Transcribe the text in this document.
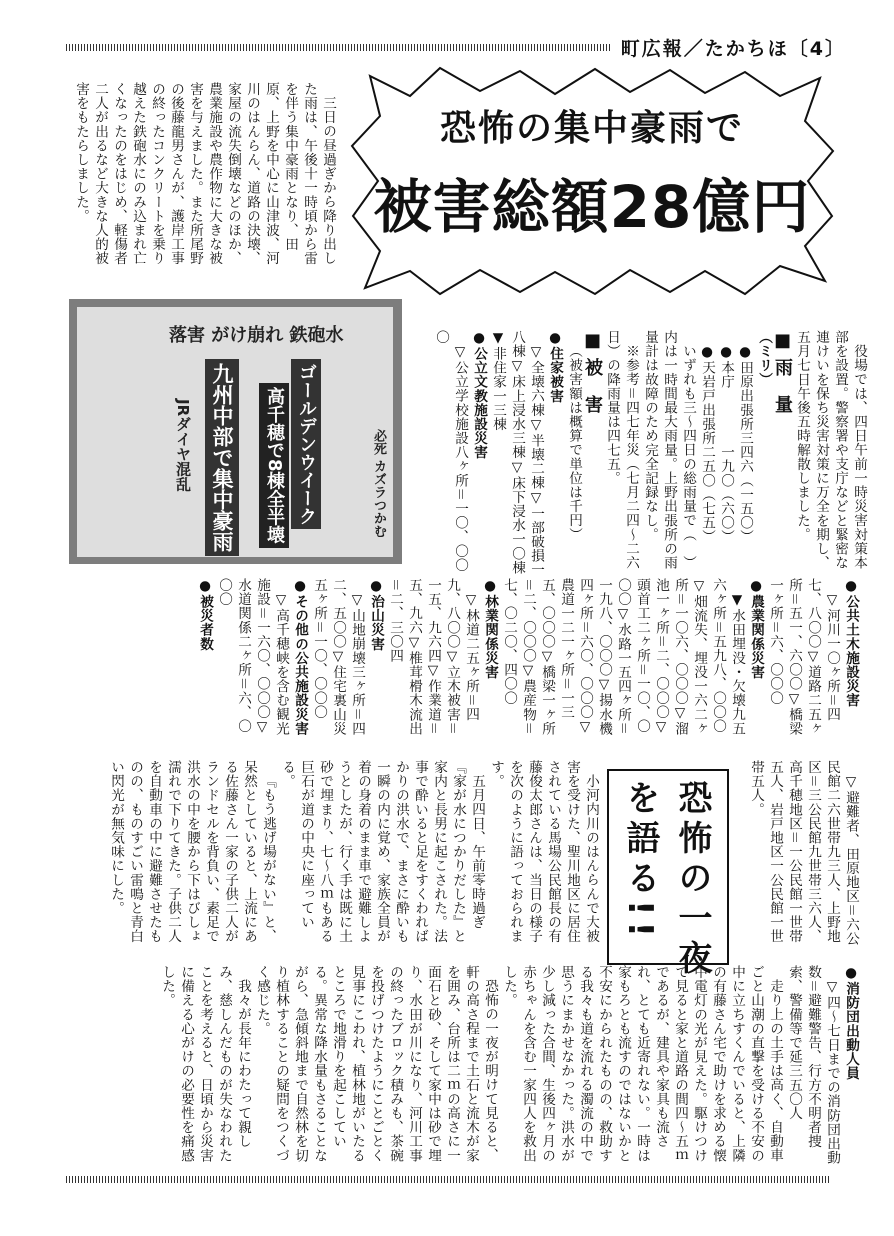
町広報／たかちほ〔4〕

三日の昼過ぎから降り出した雨は、午後十一時頃から雷を伴う集中豪雨となり、田原、上野を中心に山津波、河川のはんらん、道路の決壊、家屋の流失倒壊などのほか、農業施設や農作物に大きな被害を与えました。また所尾野の後藤龍男さんが、護岸工事の終ったコンクリートを乗り越えた鉄砲水にのみ込まれ亡くなったのをはじめ、軽傷者二人が出るなど大きな人的被害をもたらしました。	恐怖の集中豪雨で
被害総額28億円
落害 がけ崩れ 鉄砲水
九州中部で集中豪雨 高千穂で8棟全半壊
JRダイヤ混乱	ゴールデンウイーク	必死 カズラつかむ	役場では、四日午前一時災害対策本部を設置。警察署や支庁などと緊密な連けいを保ち災害対策に万全を期し、五月七日午後五時解散しました。

■ 雨　量

（ミリ）

●田原出張所三四六（一五〇）

●本庁　　　　一九〇（六〇）

●天岩戸出張所二五〇（七五）

いずれも三～四日の総雨量で（　）内は一時間最大雨量。上野出張所の雨量計は故障のため完全記録なし。

※参考＝四七年災（七月二四～二六日）の降雨量は四七五。

■ 被　害

（被害額は概算で単位は千円）

●住家被害

▽全壊六棟▽半壊二棟▽一部破損一八棟▽床上浸水三棟▽床下浸水一〇棟▼非住家一三棟

●公立文教施設災害

▽公立学校施設八ヶ所＝一〇、〇〇〇

●公共土木施設災害

▽河川一〇ヶ所＝四七、八〇〇▽道路二五ヶ所＝五一、六〇〇▽橋梁一ヶ所＝六、〇〇〇

●農業関係災害

▼水田埋没・欠壊九五六ヶ所＝五九八、〇〇〇▽畑流失、埋没一六二ヶ所＝一〇六、〇〇〇▽溜池一ヶ所＝二、〇〇〇▽頭首工二ヶ所＝一〇、〇〇〇▽水路一五四ヶ所＝一九八、〇〇〇▽揚水機四ヶ所＝六〇、〇〇〇▽農道一二一ヶ所＝一三五、〇〇〇▽橋梁一ヶ所＝二、〇〇〇▽農産物＝七、〇二〇、四〇〇

●林業関係災害

▽林道二五ヶ所＝四九、八〇〇▽立木被害＝一五、九六四▽作業道＝五、九六▽椎茸榾木流出＝二、三〇四

●治山災害

▽山地崩壊三ヶ所＝四二、五〇〇▽住宅裏山災五ヶ所＝一〇、〇〇〇

●その他の公共施設災害

▽高千穂峡を含む観光施設＝一六〇、〇〇〇▽水道関係二ヶ所＝六、〇〇〇

●被災者数

▽避難者、田原地区＝六公民館二六世帯九三人、上野地区＝三公民館九世帯三六人、高千穂地区＝一公民館一世帯五人、岩戸地区一公民館一世帯五人。

恐怖の一夜
を語る!!

小河内川のはんらんで大被害を受けた、聖川地区に居住されている馬場公民館長の有藤俊太郎さんは、当日の様子を次のように語っておられます。

五月四日、午前零時過ぎ『家が水につかりだした』と家内と長男に起こされた。法事で酔いると足をすくわればかりの洪水で、まさに酔いも一瞬の内に覚め、家族全員が着の身着のまま車で避難しようとしたが、行く手は既に土砂で埋まり、七～八ｍもある巨石が道の中央に座っている。

『もう逃げ場がない』と、呆然としていると、上流にある佐藤さん一家の子供二人がランドセルを背負い、素足で洪水の中を腰から下はびしょ濡れで下りてきた。子供二人を自動車の中に避難させたものの、ものすごい雷鳴と青白い閃光が無気味にした。

●消防団出動人員

▽四～七日までの消防団出動数＝避難警告、行方不明者捜索、警備等で延三五〇人

走り上の土手は高く、自動車ごと山潮の直撃を受ける不安の中に立ちすくんでいると、上隣の有藤さん宅で助けを求める懐中電灯の光が見えた。駆けつけて見ると家と道路の間四～五ｍであるが、建具や家具も流され、とても近寄れない。一時は家もろとも流すのではないかと不安にかられたものの、救助する我々も道を流れる濁流の中で思うにまかせなかった。洪水が少し減った合間、生後四ヶ月の赤ちゃんを含む一家四人を救出した。

恐怖の一夜が明けて見ると、軒の高さ程まで土石と流木が家を囲み、台所は二ｍの高さに一面石と砂、そして家中は砂で埋り、水田が川になり、河川工事の終ったブロック積みも、茶碗を投げつけたようにことごとく見事にこわれ、植林地がいたるところで地滑りを起こしている。異常な降水量もさることながら、急傾斜地まで自然林を切り植林することの疑問をつくづく感じた。

我々が長年にわたって親しみ、慈しんだものが失なわれたことを考えると、日頃から災害に備える心がけの必要性を痛感した。
